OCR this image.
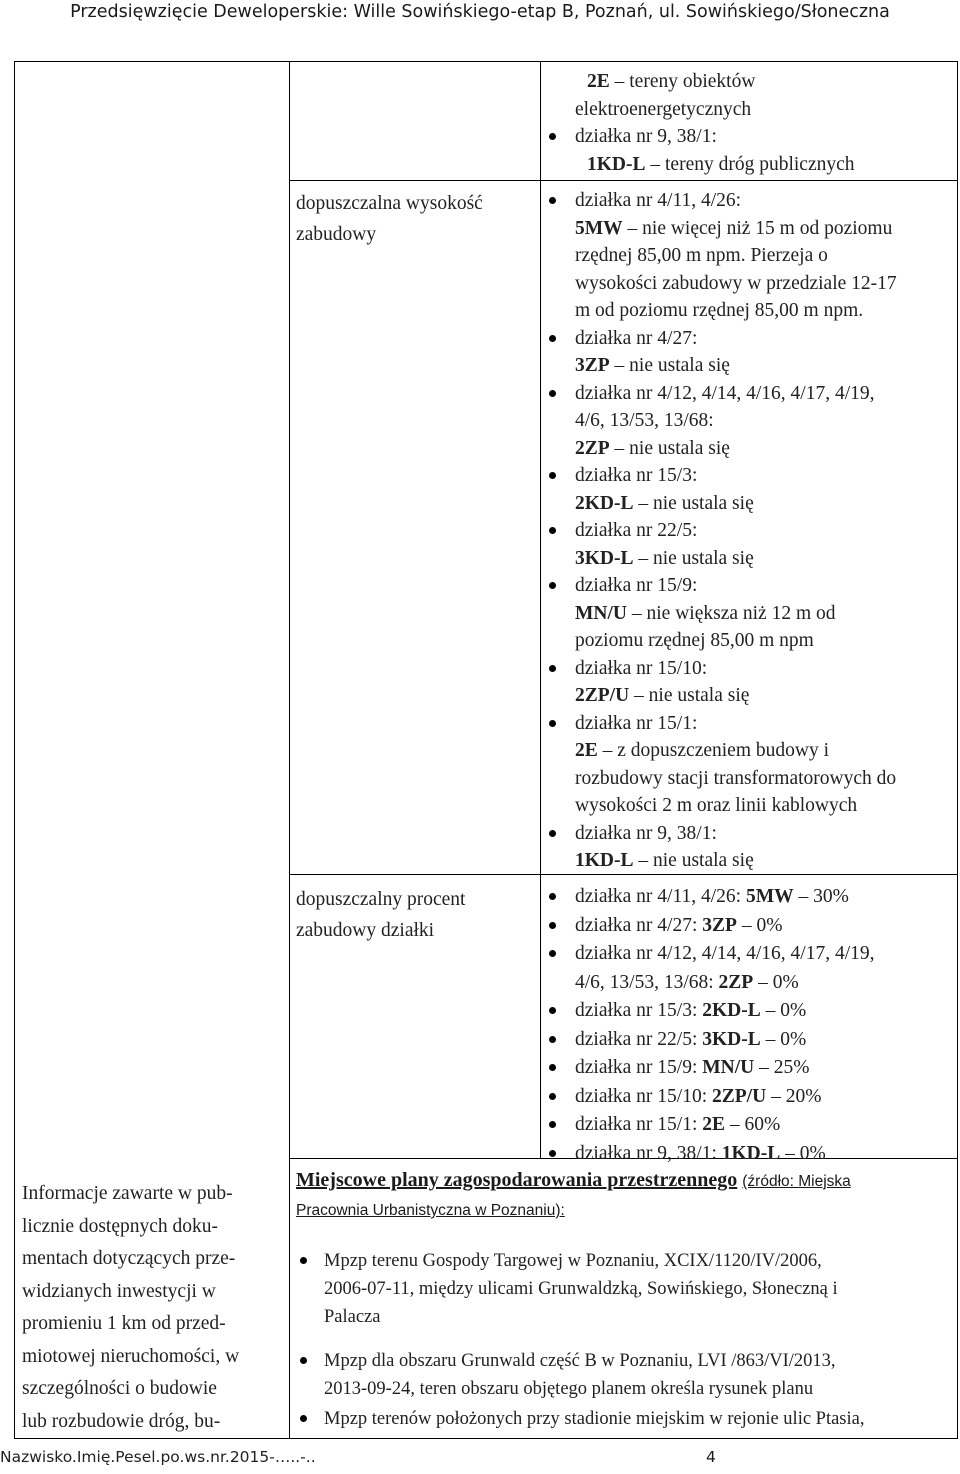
Przedsięwzięcie Deweloperskie: Wille Sowińskiego-etap B, Poznań, ul. Sowińskiego/Słoneczna
2E – tereny obiektów
elektroenergetycznych
działka nr 9, 38/1:
1KD-L – tereny dróg publicznych
dopuszczalna wysokość
zabudowy
działka nr 4/11, 4/26:
5MW – nie więcej niż 15 m od poziomu
rzędnej 85,00 m npm. Pierzeja o
wysokości zabudowy w przedziale 12-17
m od poziomu rzędnej 85,00 m npm.
działka nr 4/27:
3ZP – nie ustala się
działka nr 4/12, 4/14, 4/16, 4/17, 4/19,
4/6, 13/53, 13/68:
2ZP – nie ustala się
działka nr 15/3:
2KD-L – nie ustala się
działka nr 22/5:
3KD-L – nie ustala się
działka nr 15/9:
MN/U – nie większa niż 12 m od
poziomu rzędnej 85,00 m npm
działka nr 15/10:
2ZP/U – nie ustala się
działka nr 15/1:
2E – z dopuszczeniem budowy i
rozbudowy stacji transformatorowych do
wysokości 2 m oraz linii kablowych
działka nr 9, 38/1:
1KD-L – nie ustala się
dopuszczalny procent
zabudowy działki
działka nr 4/11, 4/26: 5MW – 30%
działka nr 4/27: 3ZP – 0%
działka nr 4/12, 4/14, 4/16, 4/17, 4/19,
4/6, 13/53, 13/68: 2ZP – 0%
działka nr 15/3: 2KD-L – 0%
działka nr 22/5: 3KD-L – 0%
działka nr 15/9: MN/U – 25%
działka nr 15/10: 2ZP/U – 20%
działka nr 15/1: 2E – 60%
działka nr 9, 38/1: 1KD-L – 0%
Informacje zawarte w pub-
licznie dostępnych doku-
mentach dotyczących prze-
widzianych inwestycji w
promieniu 1 km od przed-
miotowej nieruchomości, w
szczególności o budowie
lub rozbudowie dróg, bu-
Miejscowe plany zagospodarowania przestrzennego (źródło: Miejska
Pracownia Urbanistyczna w Poznaniu):
Mpzp terenu Gospody Targowej w Poznaniu, XCIX/1120/IV/2006,
2006-07-11, między ulicami Grunwaldzką, Sowińskiego, Słoneczną i
Palacza
Mpzp dla obszaru Grunwald część B w Poznaniu, LVI /863/VI/2013,
2013-09-24, teren obszaru objętego planem określa rysunek planu
Mpzp terenów położonych przy stadionie miejskim w rejonie ulic Ptasia,
Nazwisko.Imię.Pesel.po.ws.nr.2015-…..-..	4
